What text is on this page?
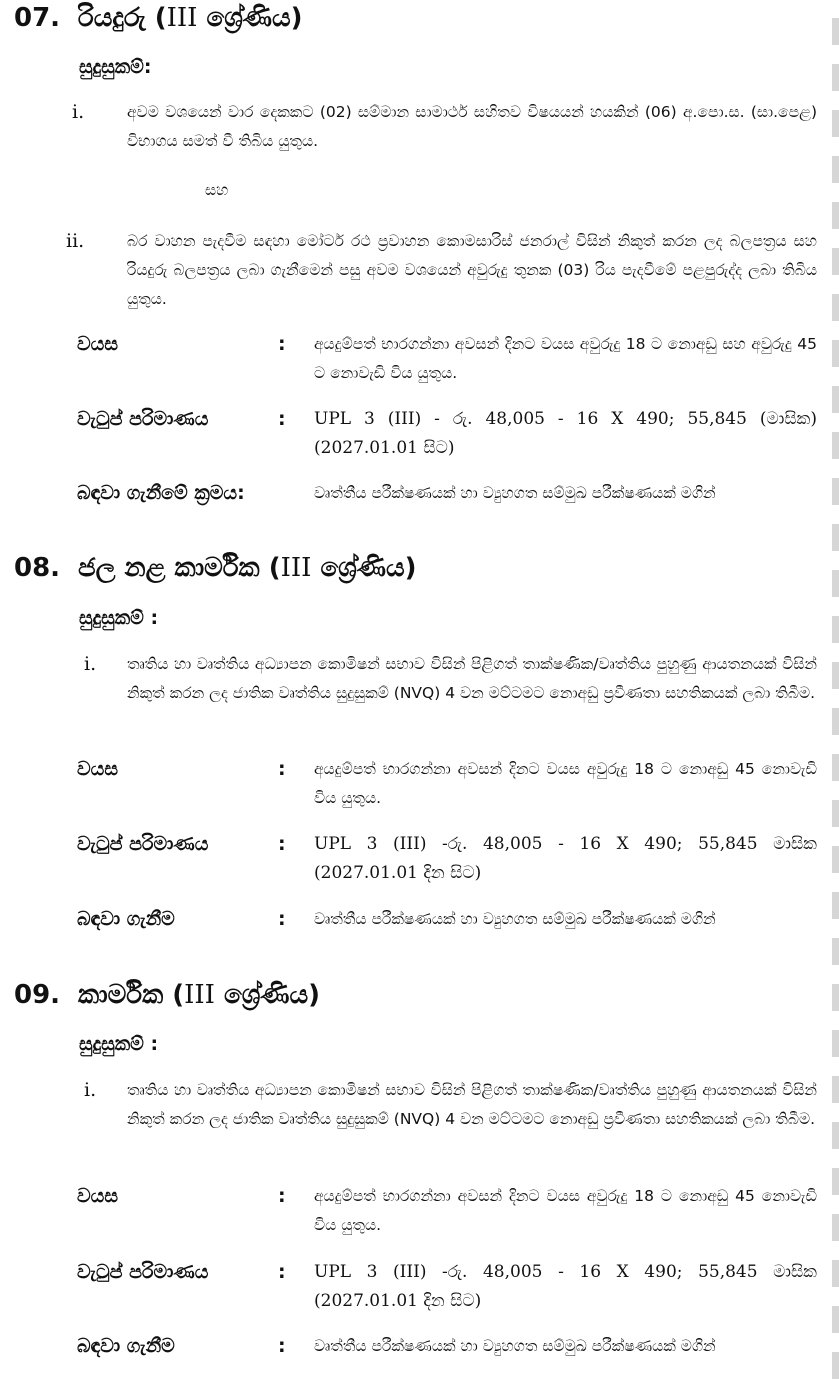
07. රියදුරු (III ශ්‍රේණිය)
සුදුසුකම්:
i.	අවම වශයෙන් වාර දෙකකට (02) සම්මාන සාමාර්ථ සහිතව විෂයයන් හයකින් (06) අ.පො.ස. (සා.පෙළ) විභාගය සමත් වී තිබිය යුතුය.
සහ
ii.	බර වාහන පැදවීම සඳහා මෝටර් රථ ප්‍රවාහන කොමසාරිස් ජනරාල් විසින් නිකුත් කරන ලද බලපත්‍රය සහ රියදුරු බලපත්‍රය ලබා ගැනීමෙන් පසු අවම වශයෙන් අවුරුදු තුනක (03) රිය පැදවීමේ පළපුරුද්ද ලබා තිබිය යුතුය.
වයස	: අයදුම්පත් භාරගන්නා අවසන් දිනට වයස අවුරුදු 18 ට නොඅඩු සහ අවුරුදු 45 ට නොවැඩි විය යුතුය.
වැටුප් පරිමාණය	: UPL 3 (III) - රු. 48,005 - 16 X 490; 55,845 (මාසික) (2027.01.01 සිට)
බඳවා ගැනීමේ ක්‍රමය:	වෘත්තීය පරීක්ෂණයක් හා ව්‍යුහගත සම්මුඛ පරීක්ෂණයක් මගින්
08. ජල නළ කාර්මික (III ශ්‍රේණිය)
සුදුසුකම් :
i. තෘතිය හා වෘත්තිය අධ්‍යාපන කොමිෂන් සභාව විසින් පිළිගත් තාක්ෂණික/වෘත්තිය පුහුණු ආයතනයක් විසින් නිකුත් කරන ලද ජාතික වෘත්තිය සුදුසුකම් (NVQ) 4 වන මට්ටමට නොඅඩු ප්‍රවීණතා සහතිකයක් ලබා තිබීම.
වයස	: අයදුම්පත් භාරගන්නා අවසන් දිනට වයස අවුරුදු 18 ට නොඅඩු 45 නොවැඩි විය යුතුය.
වැටුප් පරිමාණය	: UPL 3 (III) -රු. 48,005 - 16 X 490; 55,845 මාසික (2027.01.01 දින සිට)
බඳවා ගැනීම	: වෘත්තීය පරීක්ෂණයක් හා ව්‍යුහගත සම්මුඛ පරීක්ෂණයක් මගින්
09. කාර්මික (III ශ්‍රේණිය)
සුදුසුකම් :
i. තෘතිය හා වෘත්තිය අධ්‍යාපන කොමිෂන් සභාව විසින් පිළිගත් තාක්ෂණික/වෘත්තිය පුහුණු ආයතනයක් විසින් නිකුත් කරන ලද ජාතික වෘත්තිය සුදුසුකම් (NVQ) 4 වන මට්ටමට නොඅඩු ප්‍රවීණතා සහතිකයක් ලබා තිබීම.
වයස	: අයදුම්පත් භාරගන්නා අවසන් දිනට වයස අවුරුදු 18 ට නොඅඩු 45 නොවැඩි විය යුතුය.
වැටුප් පරිමාණය	: UPL 3 (III) -රු. 48,005 - 16 X 490; 55,845 මාසික (2027.01.01 දින සිට)
බඳවා ගැනීම	: වෘත්තීය පරීක්ෂණයක් හා ව්‍යුහගත සම්මුඛ පරීක්ෂණයක් මගින්
